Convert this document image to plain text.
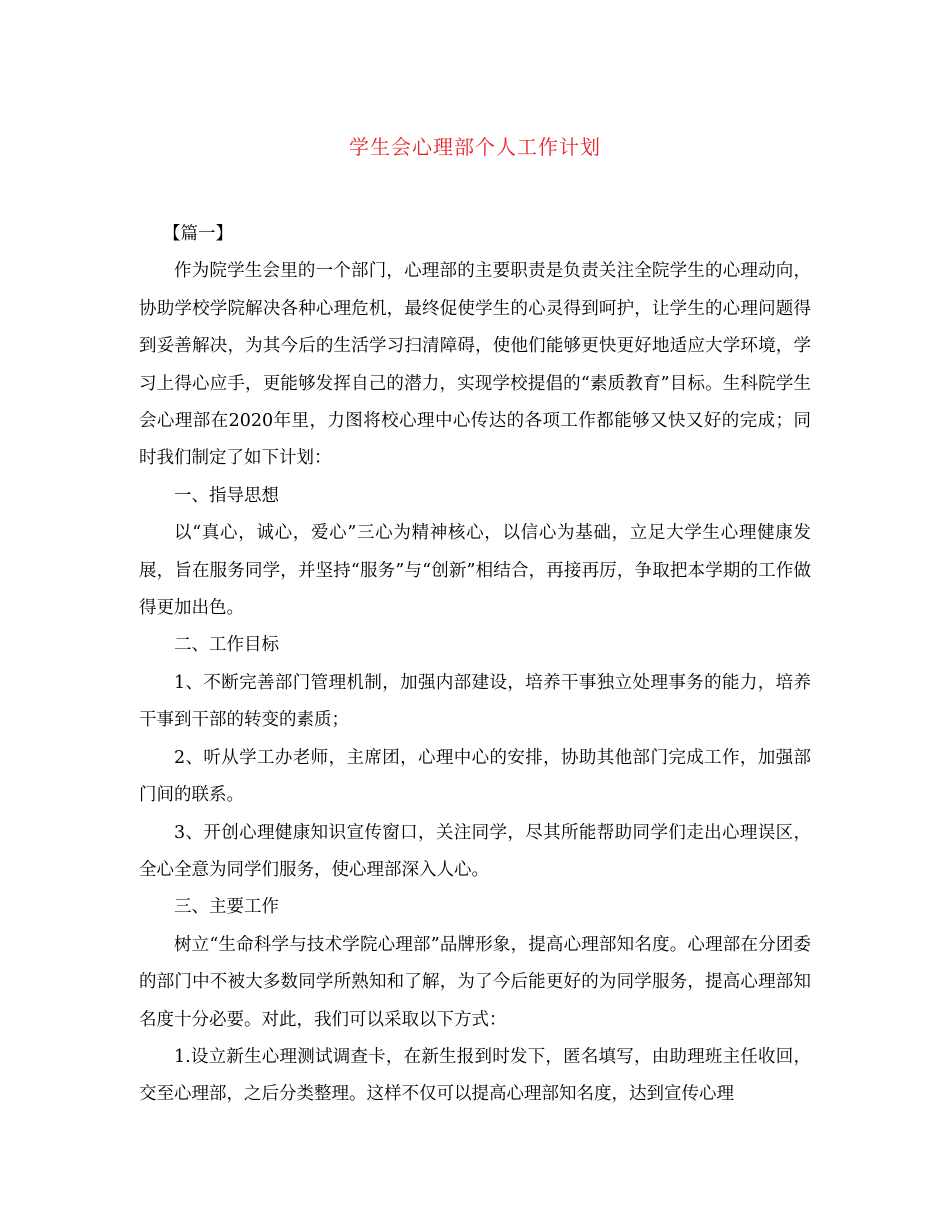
学生会心理部个人工作计划

【篇一】

作为院学生会里的一个部门，心理部的主要职责是负责关注全院学生的心理动向，协助学校学院解决各种心理危机，最终促使学生的心灵得到呵护，让学生的心理问题得到妥善解决，为其今后的生活学习扫清障碍，使他们能够更快更好地适应大学环境，学习上得心应手，更能够发挥自己的潜力，实现学校提倡的“素质教育”目标。生科院学生会心理部在2020年里，力图将校心理中心传达的各项工作都能够又快又好的完成；同时我们制定了如下计划：

一、指导思想

以“真心，诚心，爱心”三心为精神核心，以信心为基础，立足大学生心理健康发展，旨在服务同学，并坚持“服务”与“创新”相结合，再接再厉，争取把本学期的工作做得更加出色。

二、工作目标

1、不断完善部门管理机制，加强内部建设，培养干事独立处理事务的能力，培养干事到干部的转变的素质；

2、听从学工办老师，主席团，心理中心的安排，协助其他部门完成工作，加强部门间的联系。

3、开创心理健康知识宣传窗口，关注同学，尽其所能帮助同学们走出心理误区，全心全意为同学们服务，使心理部深入人心。

三、主要工作

树立“生命科学与技术学院心理部”品牌形象，提高心理部知名度。心理部在分团委的部门中不被大多数同学所熟知和了解，为了今后能更好的为同学服务，提高心理部知名度十分必要。对此，我们可以采取以下方式：

1.设立新生心理测试调查卡，在新生报到时发下，匿名填写，由助理班主任收回，交至心理部，之后分类整理。这样不仅可以提高心理部知名度，达到宣传心理
